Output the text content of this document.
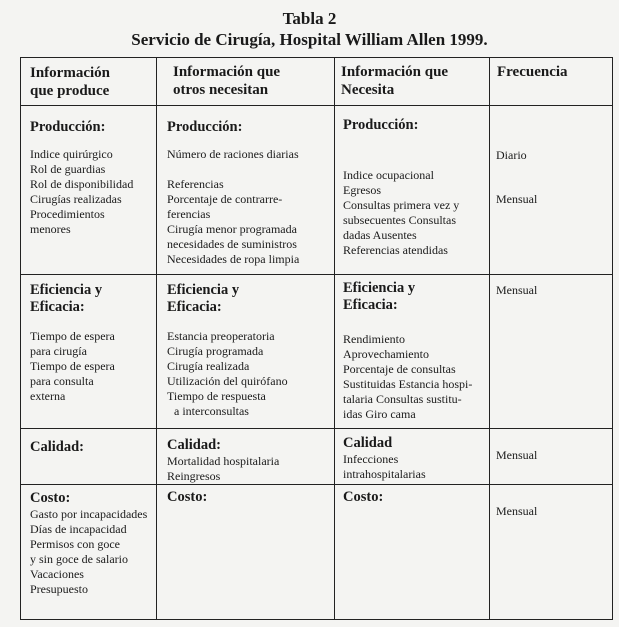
Tabla 2
Servicio de Cirugía, Hospital William Allen 1999.
Información
que produce
Información que
otros necesitan
Información que
Necesita
Frecuencia
Producción:
Indice quirúrgico
Rol de guardias
Rol de disponibilidad
Cirugías realizadas
Procedimientos
menores
Producción:
Número de raciones diarias
Referencias
Porcentaje de contrarre-
ferencias
Cirugía menor programada
necesidades de suministros
Necesidades de ropa limpia
Producción:
Indice ocupacional
Egresos
Consultas primera vez y
subsecuentes Consultas
dadas Ausentes
Referencias atendidas
Diario
Mensual
Eficiencia y
Eficacia:
Tiempo de espera
para cirugía
Tiempo de espera
para consulta
externa
Eficiencia y
Eficacia:
Estancia preoperatoria
Cirugía programada
Cirugía realizada
Utilización del quirófano
Tiempo de respuesta
a interconsultas
Eficiencia y
Eficacia:
Rendimiento
Aprovechamiento
Porcentaje de consultas
Sustituidas Estancia hospi-
talaria Consultas sustitu-
idas Giro cama
Mensual
Calidad:	Calidad:
Mortalidad hospitalaria
Reingresos
Calidad
Infecciones
intrahospitalarias
Mensual
Costo:
Gasto por incapacidades
Días de incapacidad
Permisos con goce
y sin goce de salario
Vacaciones
Presupuesto
Costo:	Costo:
Mensual
